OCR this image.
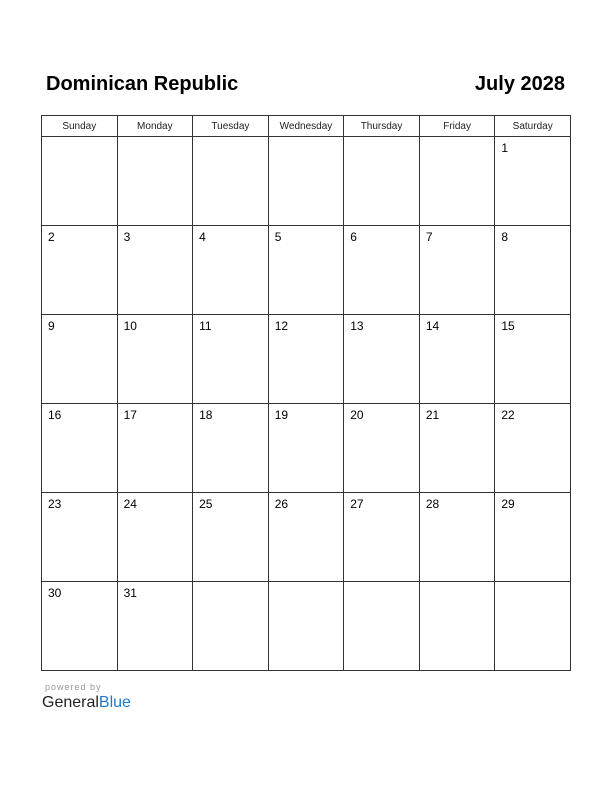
Dominican Republic	July 2028
Sunday	Monday	Tuesday	Wednesday	Thursday	Friday	Saturday

						1

2	3	4	5	6	7	8

9	10	11	12	13	14	15

16	17	18	19	20	21	22

23	24	25	26	27	28	29

30	31					

powered by
GeneralBlue
